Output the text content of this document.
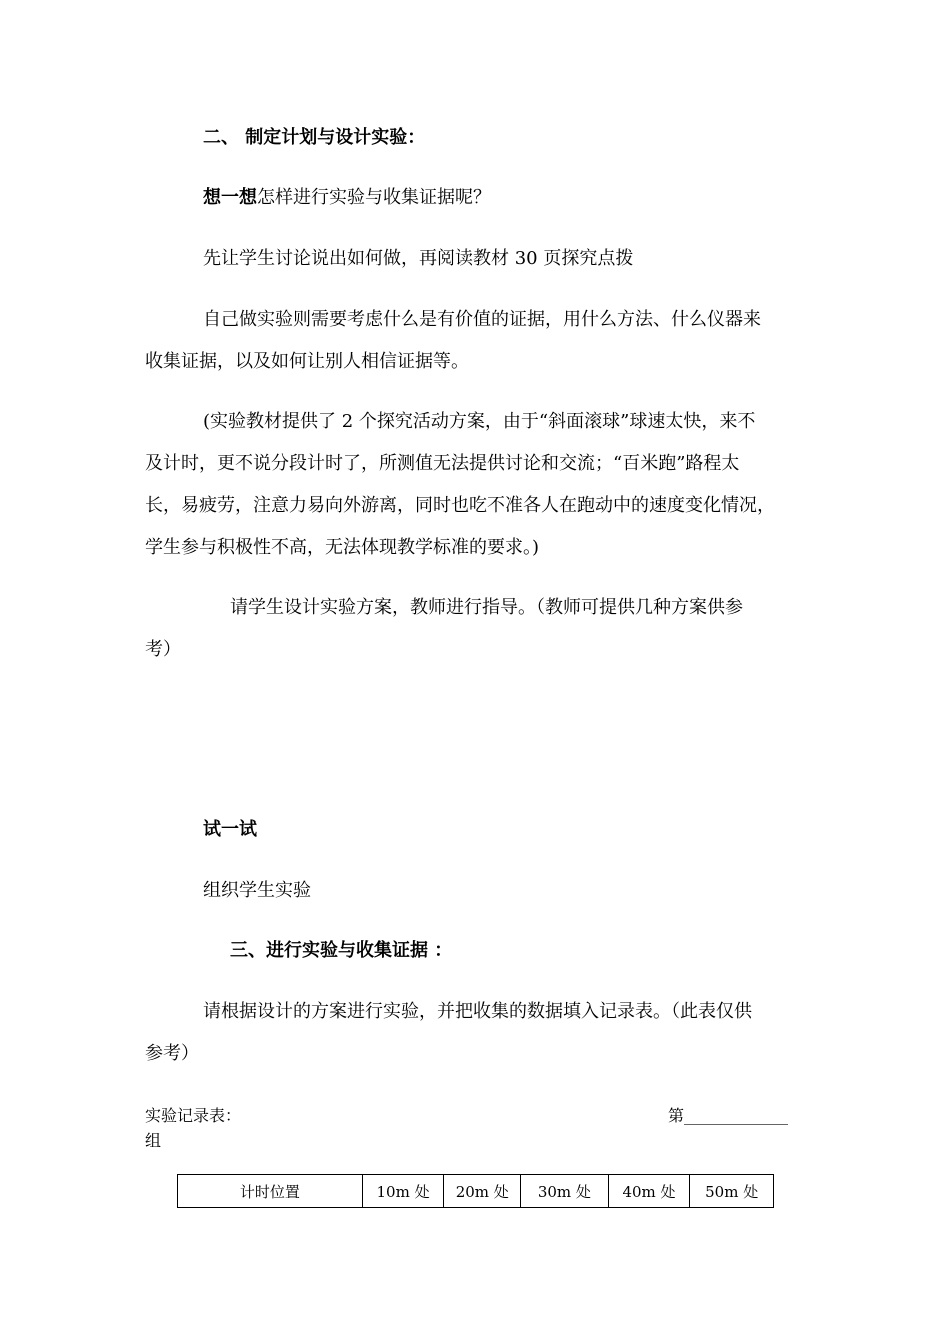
二、 制定计划与设计实验：
想一想怎样进行实验与收集证据呢？
先让学生讨论说出如何做，再阅读教材 30 页探究点拨
自己做实验则需要考虑什么是有价值的证据，用什么方法、什么仪器来
收集证据，以及如何让别人相信证据等。
(实验教材提供了 2 个探究活动方案，由于“斜面滚球”球速太快，来不
及计时，更不说分段计时了，所测值无法提供讨论和交流；“百米跑”路程太
长，易疲劳，注意力易向外游离，同时也吃不准各人在跑动中的速度变化情况，
学生参与积极性不高，无法体现教学标准的要求。)
请学生设计实验方案，教师进行指导。（教师可提供几种方案供参
考）
试一试
组织学生实验
三、进行实验与收集证据 ：
请根据设计的方案进行实验，并把收集的数据填入记录表。（此表仅供
参考）
实验记录表：	第_____________
组
计时位置	10m 处	20m 处	30m 处	40m 处	50m 处
